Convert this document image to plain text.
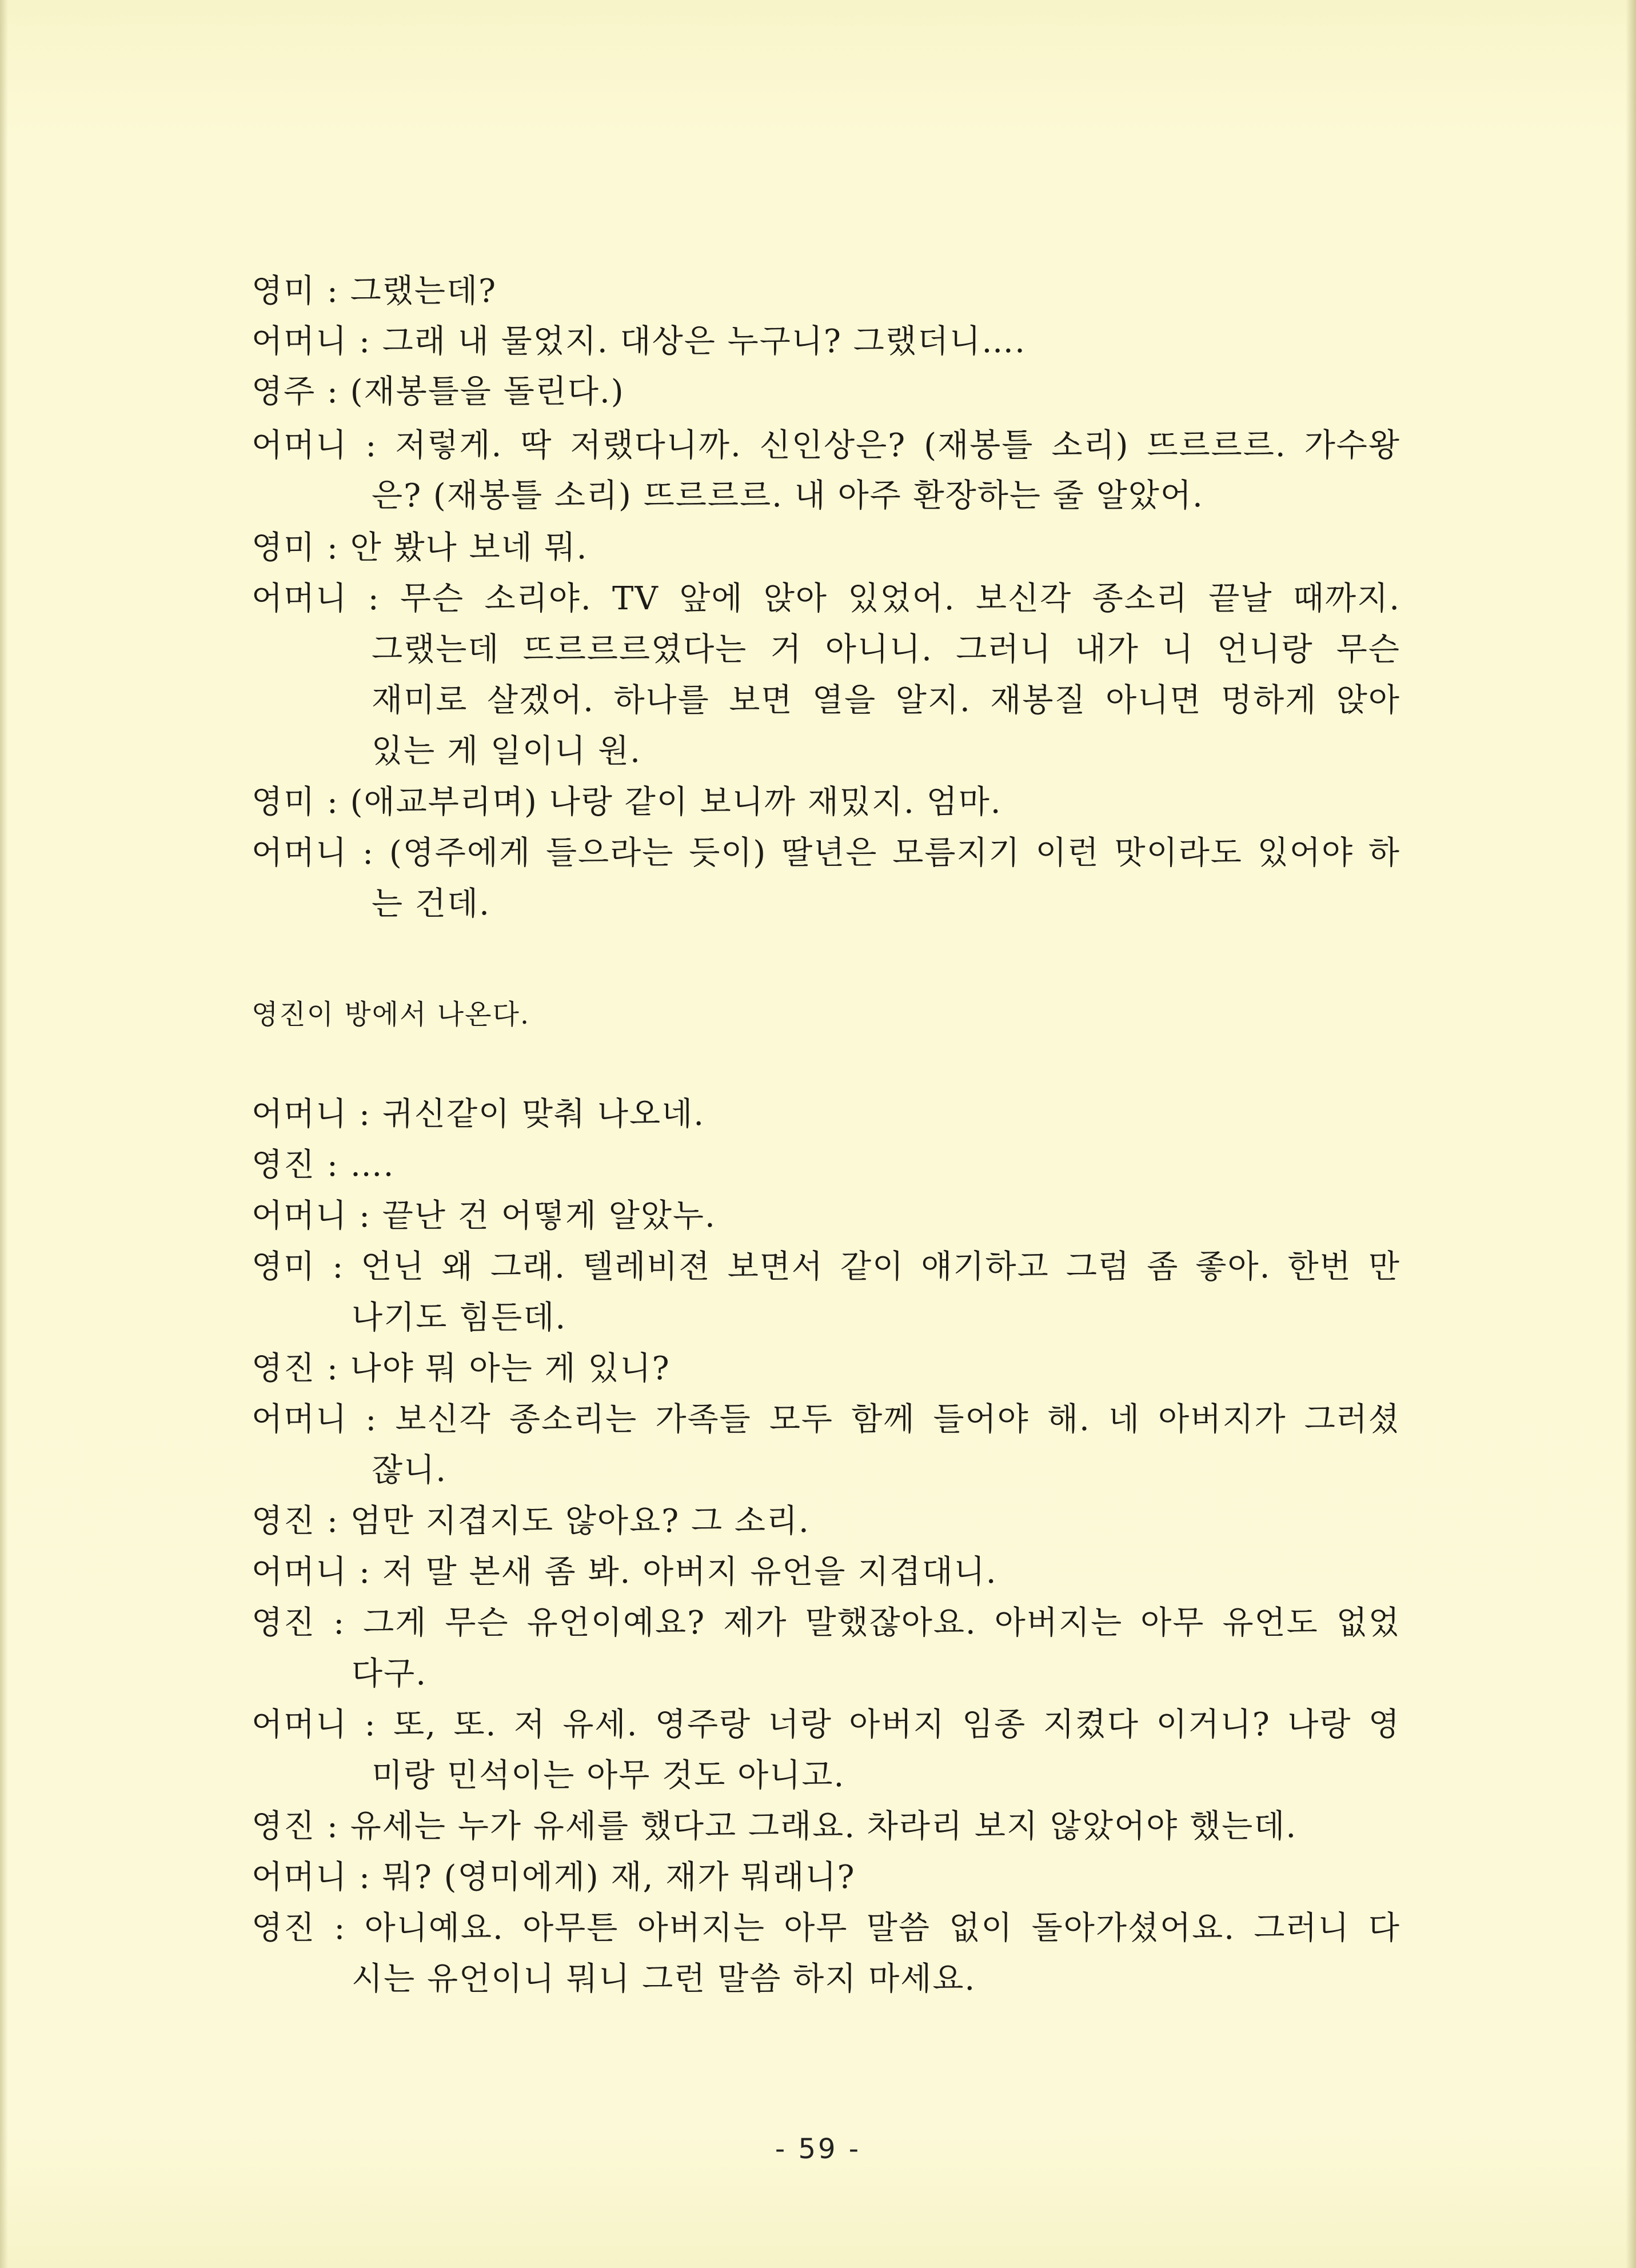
영미 : 그랬는데?
어머니 : 그래 내 물었지. 대상은 누구니? 그랬더니….
영주 : (재봉틀을 돌린다.)
어머니 : 저렇게. 딱 저랬다니까. 신인상은? (재봉틀 소리) 뜨르르르. 가수왕
은? (재봉틀 소리) 뜨르르르. 내 아주 환장하는 줄 알았어.
영미 : 안 봤나 보네 뭐.
어머니 : 무슨 소리야. TV 앞에 앉아 있었어. 보신각 종소리 끝날 때까지.
그랬는데 뜨르르르였다는 거 아니니. 그러니 내가 니 언니랑 무슨
재미로 살겠어. 하나를 보면 열을 알지. 재봉질 아니면 멍하게 앉아
있는 게 일이니 원.
영미 : (애교부리며) 나랑 같이 보니까 재밌지. 엄마.
어머니 : (영주에게 들으라는 듯이) 딸년은 모름지기 이런 맛이라도 있어야 하
는 건데.
영진이 방에서 나온다.
어머니 : 귀신같이 맞춰 나오네.
영진 : ….
어머니 : 끝난 건 어떻게 알았누.
영미 : 언닌 왜 그래. 텔레비젼 보면서 같이 얘기하고 그럼 좀 좋아. 한번 만
나기도 힘든데.
영진 : 나야 뭐 아는 게 있니?
어머니 : 보신각 종소리는 가족들 모두 함께 들어야 해. 네 아버지가 그러셨
잖니.
영진 : 엄만 지겹지도 않아요? 그 소리.
어머니 : 저 말 본새 좀 봐. 아버지 유언을 지겹대니.
영진 : 그게 무슨 유언이예요? 제가 말했잖아요. 아버지는 아무 유언도 없었
다구.
어머니 : 또, 또. 저 유세. 영주랑 너랑 아버지 임종 지켰다 이거니? 나랑 영
미랑 민석이는 아무 것도 아니고.
영진 : 유세는 누가 유세를 했다고 그래요. 차라리 보지 않았어야 했는데.
어머니 : 뭐? (영미에게) 재, 재가 뭐래니?
영진 : 아니예요. 아무튼 아버지는 아무 말씀 없이 돌아가셨어요. 그러니 다
시는 유언이니 뭐니 그런 말씀 하지 마세요.
- 59 -
